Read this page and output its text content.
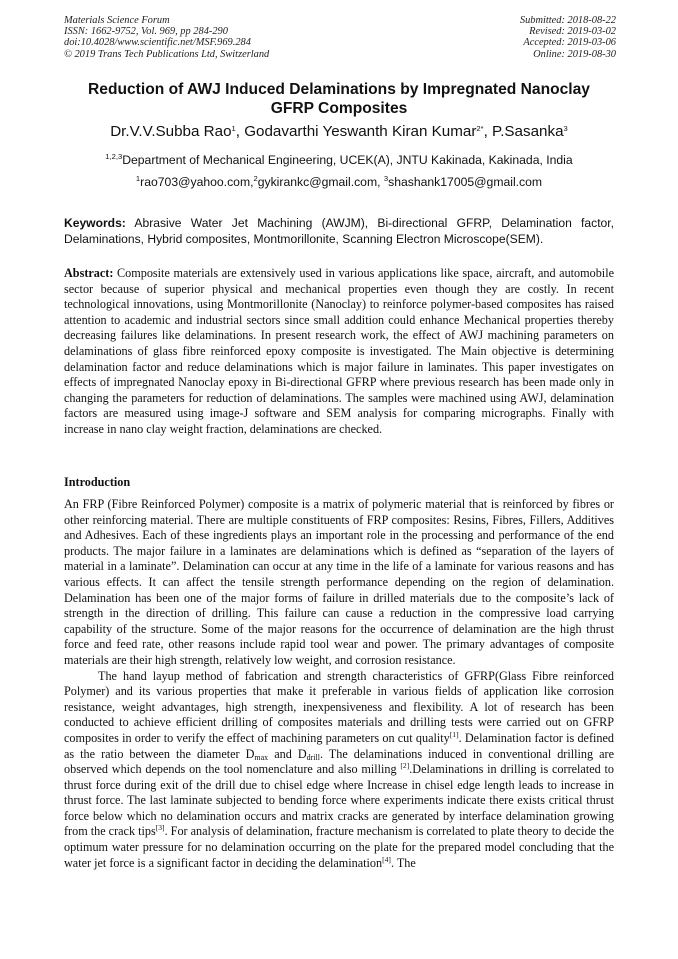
Materials Science Forum
ISSN: 1662-9752, Vol. 969, pp 284-290
doi:10.4028/www.scientific.net/MSF.969.284
© 2019 Trans Tech Publications Ltd, Switzerland
Submitted: 2018-08-22
Revised: 2019-03-02
Accepted: 2019-03-06
Online: 2019-08-30
Reduction of AWJ Induced Delaminations by Impregnated Nanoclay
GFRP Composites
Dr.V.V.Subba Rao$^1$, Godavarthi Yeswanth Kiran Kumar$^{2*}$, P.Sasanka$^3$
$^{1,2,3}$Department of Mechanical Engineering, UCEK(A), JNTU Kakinada, Kakinada, India
$^1$rao703@yahoo.com,$^2$gykirankc@gmail.com, $^3$shashank17005@gmail.com
Keywords: Abrasive Water Jet Machining (AWJM), Bi-directional GFRP, Delamination factor, Delaminations, Hybrid composites, Montmorillonite, Scanning Electron Microscope(SEM).
Abstract: Composite materials are extensively used in various applications like space, aircraft, and automobile sector because of superior physical and mechanical properties even though they are costly. In recent technological innovations, using Montmorillonite (Nanoclay) to reinforce polymer-based composites has raised attention to academic and industrial sectors since small addition could enhance Mechanical properties thereby decreasing failures like delaminations. In present research work, the effect of AWJ machining parameters on delaminations of glass fibre reinforced epoxy composite is investigated. The Main objective is determining delamination factor and reduce delaminations which is major failure in laminates. This paper investigates on effects of impregnated Nanoclay epoxy in Bi-directional GFRP where previous research has been made only in changing the parameters for reduction of delaminations. The samples were machined using AWJ, delamination factors are measured using image-J software and SEM analysis for comparing micrographs. Finally with increase in nano clay weight fraction, delaminations are checked.
Introduction

An FRP (Fibre Reinforced Polymer) composite is a matrix of polymeric material that is reinforced by fibres or other reinforcing material. There are multiple constituents of FRP composites: Resins, Fibres, Fillers, Additives and Adhesives. Each of these ingredients plays an important role in the processing and performance of the end products. The major failure in a laminates are delaminations which is defined as “separation of the layers of material in a laminate”. Delamination can occur at any time in the life of a laminate for various reasons and has various effects. It can affect the tensile strength performance depending on the region of delamination. Delamination has been one of the major forms of failure in drilled materials due to the composite’s lack of strength in the direction of drilling. This failure can cause a reduction in the compressive load carrying capability of the structure. Some of the major reasons for the occurrence of delamination are the high thrust force and feed rate, other reasons include rapid tool wear and power. The primary advantages of composite materials are their high strength, relatively low weight, and corrosion resistance.

The hand layup method of fabrication and strength characteristics of GFRP(Glass Fibre reinforced Polymer) and its various properties that make it preferable in various fields of application like corrosion resistance, weight advantages, high strength, inexpensiveness and flexibility. A lot of research has been conducted to achieve efficient drilling of composites materials and drilling tests were carried out on GFRP composites in order to verify the effect of machining parameters on cut quality[1]. Delamination factor is defined as the ratio between the diameter $D_{max}$ and $D_{drill}$. The delaminations induced in conventional drilling are observed which depends on the tool nomenclature and also milling [2].Delaminations in drilling is correlated to thrust force during exit of the drill due to chisel edge where Increase in chisel edge length leads to increase in thrust force. The last laminate subjected to bending force where experiments indicate there exists critical thrust force below which no delamination occurs and matrix cracks are generated by interface delamination growing from the crack tips[3]. For analysis of delamination, fracture mechanism is correlated to plate theory to decide the optimum water pressure for no delamination occurring on the plate for the prepared model concluding that the water jet force is a significant factor in deciding the delamination[4]. The
